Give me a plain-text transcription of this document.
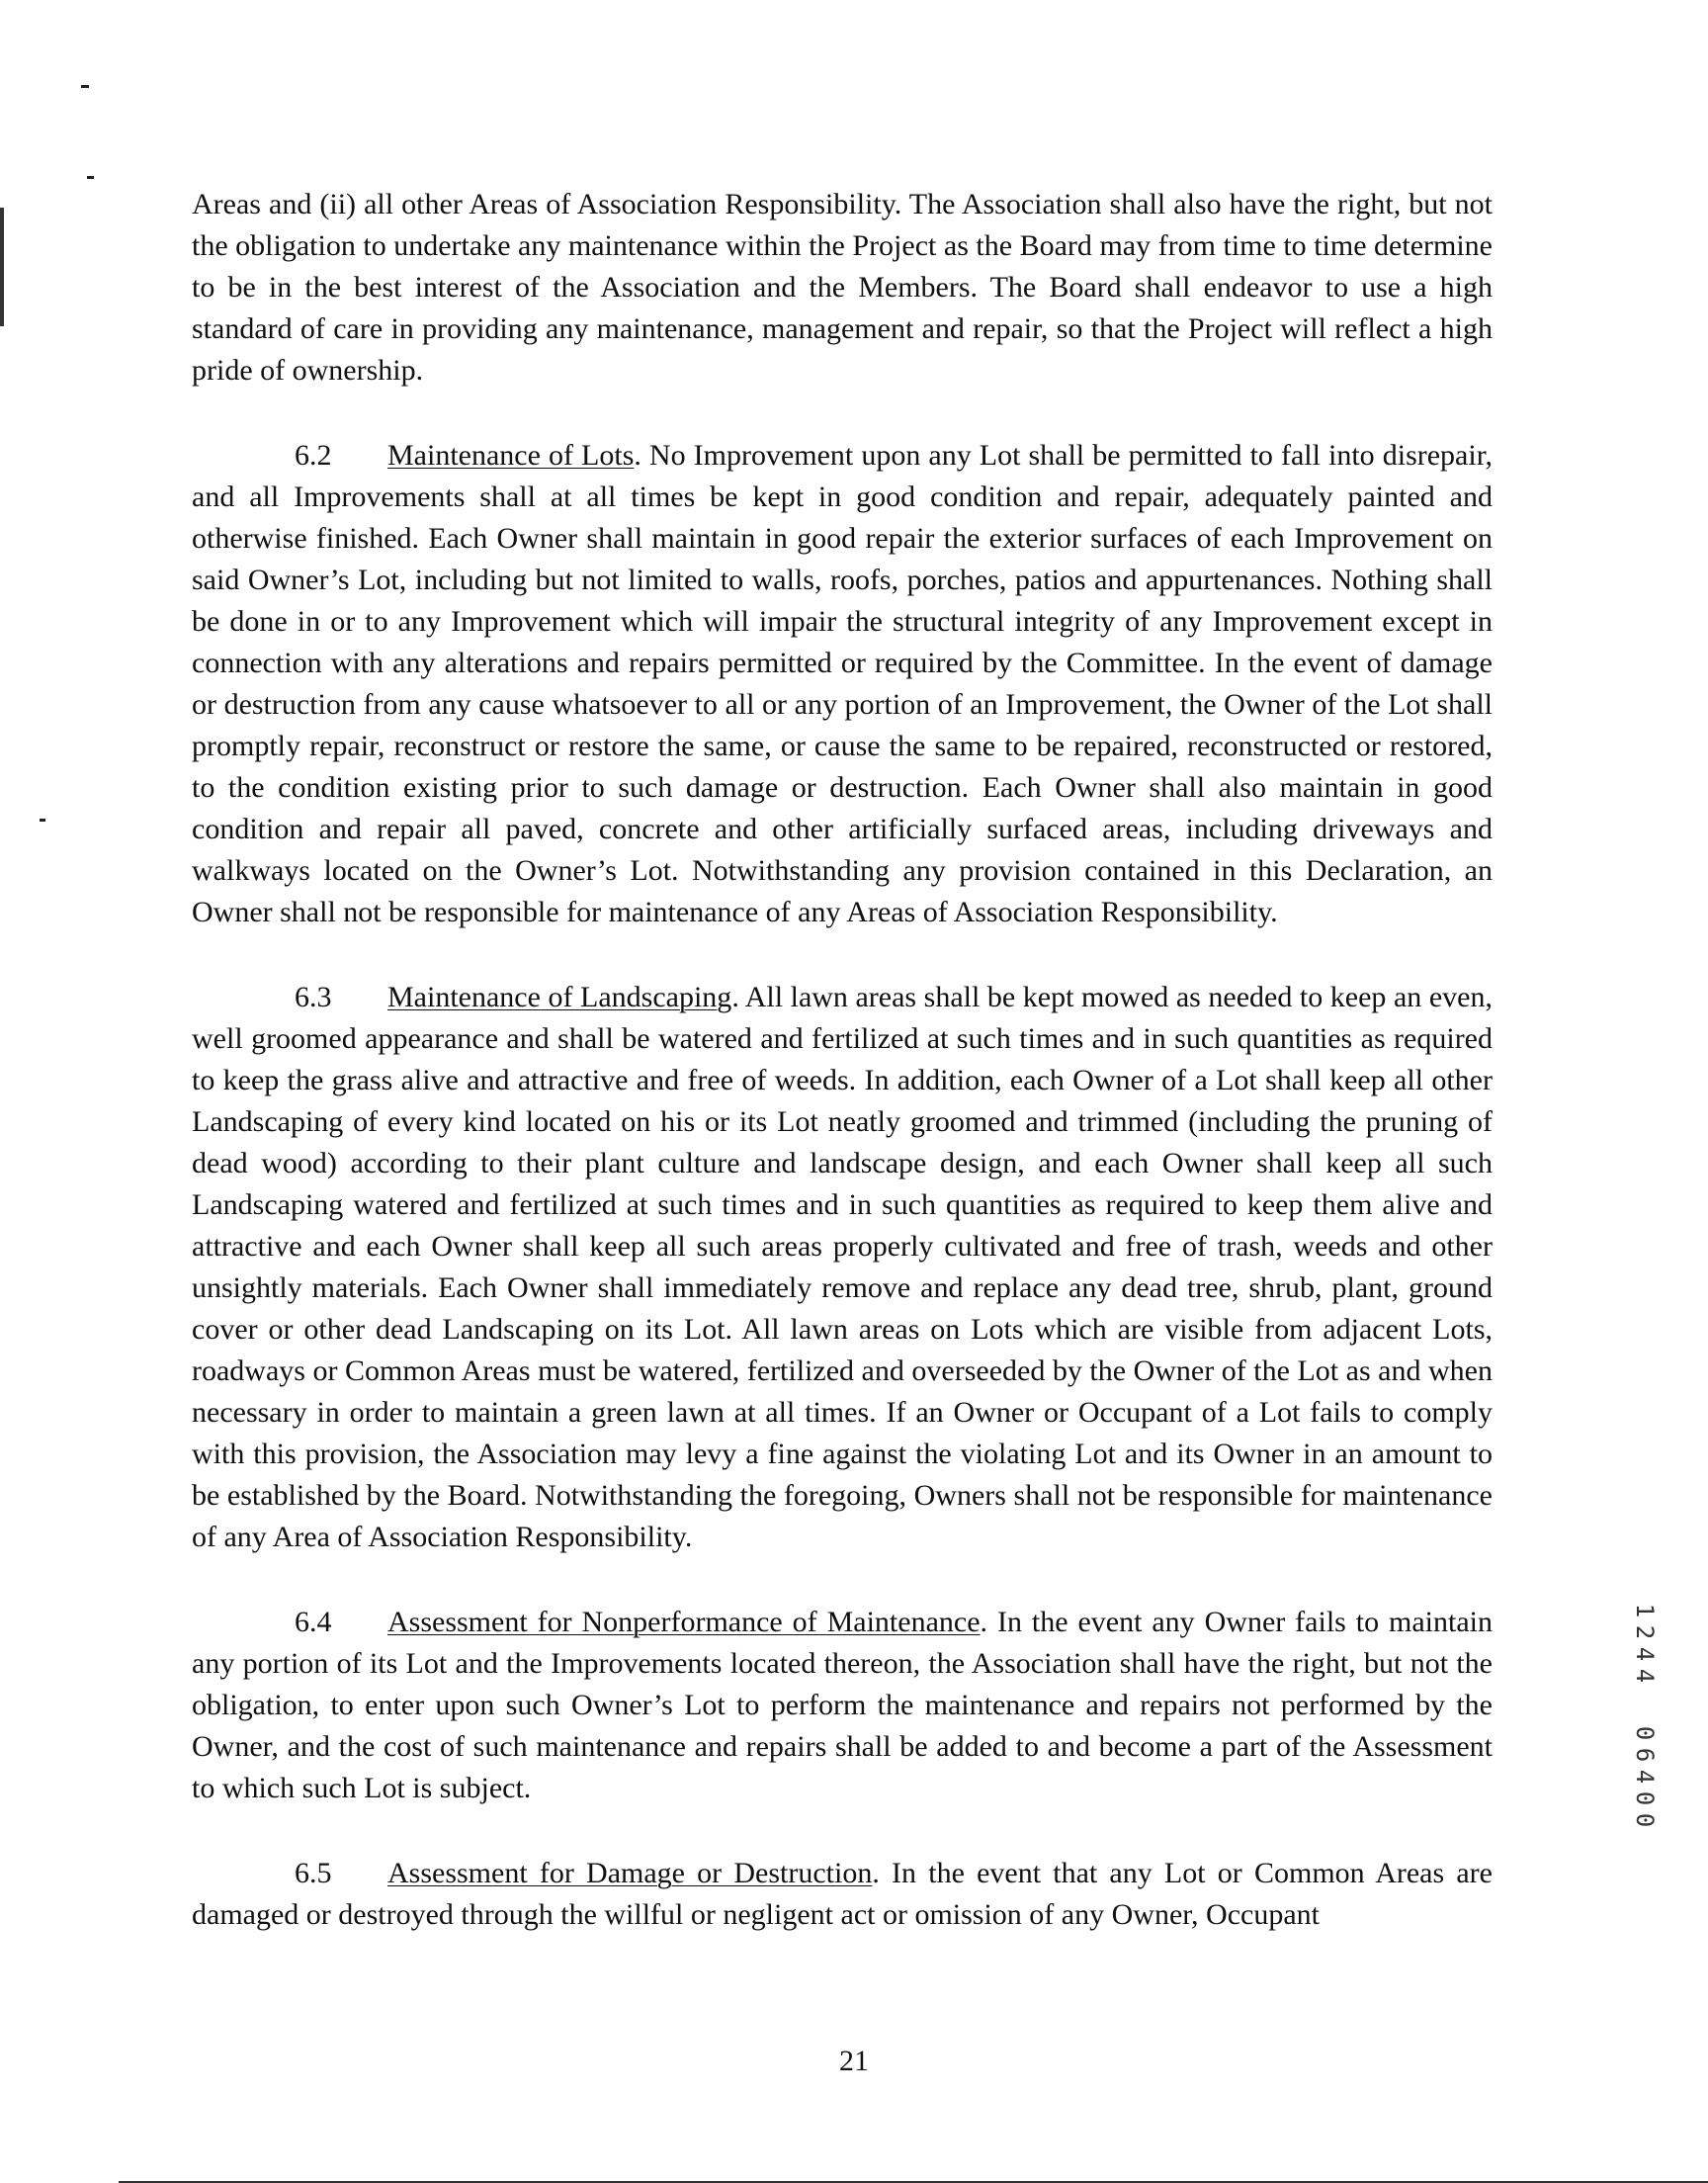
Areas and (ii) all other Areas of Association Responsibility. The Association shall also have the right, but not the obligation to undertake any maintenance within the Project as the Board may from time to time determine to be in the best interest of the Association and the Members. The Board shall endeavor to use a high standard of care in providing any maintenance, management and repair, so that the Project will reflect a high pride of ownership.

6.2 Maintenance of Lots. No Improvement upon any Lot shall be permitted to fall into disrepair, and all Improvements shall at all times be kept in good condition and repair, adequately painted and otherwise finished. Each Owner shall maintain in good repair the exterior surfaces of each Improvement on said Owner’s Lot, including but not limited to walls, roofs, porches, patios and appurtenances. Nothing shall be done in or to any Improvement which will impair the structural integrity of any Improvement except in connection with any alterations and repairs permitted or required by the Committee. In the event of damage or destruction from any cause whatsoever to all or any portion of an Improvement, the Owner of the Lot shall promptly repair, reconstruct or restore the same, or cause the same to be repaired, reconstructed or restored, to the condition existing prior to such damage or destruction. Each Owner shall also maintain in good condition and repair all paved, concrete and other artificially surfaced areas, including driveways and walkways located on the Owner’s Lot. Notwithstanding any provision contained in this Declaration, an Owner shall not be responsible for maintenance of any Areas of Association Responsibility.

6.3 Maintenance of Landscaping. All lawn areas shall be kept mowed as needed to keep an even, well groomed appearance and shall be watered and fertilized at such times and in such quantities as required to keep the grass alive and attractive and free of weeds. In addition, each Owner of a Lot shall keep all other Landscaping of every kind located on his or its Lot neatly groomed and trimmed (including the pruning of dead wood) according to their plant culture and landscape design, and each Owner shall keep all such Landscaping watered and fertilized at such times and in such quantities as required to keep them alive and attractive and each Owner shall keep all such areas properly cultivated and free of trash, weeds and other unsightly materials. Each Owner shall immediately remove and replace any dead tree, shrub, plant, ground cover or other dead Landscaping on its Lot. All lawn areas on Lots which are visible from adjacent Lots, roadways or Common Areas must be watered, fertilized and overseeded by the Owner of the Lot as and when necessary in order to maintain a green lawn at all times. If an Owner or Occupant of a Lot fails to comply with this provision, the Association may levy a fine against the violating Lot and its Owner in an amount to be established by the Board. Notwithstanding the foregoing, Owners shall not be responsible for maintenance of any Area of Association Responsibility.

6.4 Assessment for Nonperformance of Maintenance. In the event any Owner fails to maintain any portion of its Lot and the Improvements located thereon, the Association shall have the right, but not the obligation, to enter upon such Owner’s Lot to perform the maintenance and repairs not performed by the Owner, and the cost of such maintenance and repairs shall be added to and become a part of the Assessment to which such Lot is subject.

6.5 Assessment for Damage or Destruction. In the event that any Lot or Common Areas are damaged or destroyed through the willful or negligent act or omission of any Owner, Occupant

1
2
4
4
0
6
4
0
0
21
